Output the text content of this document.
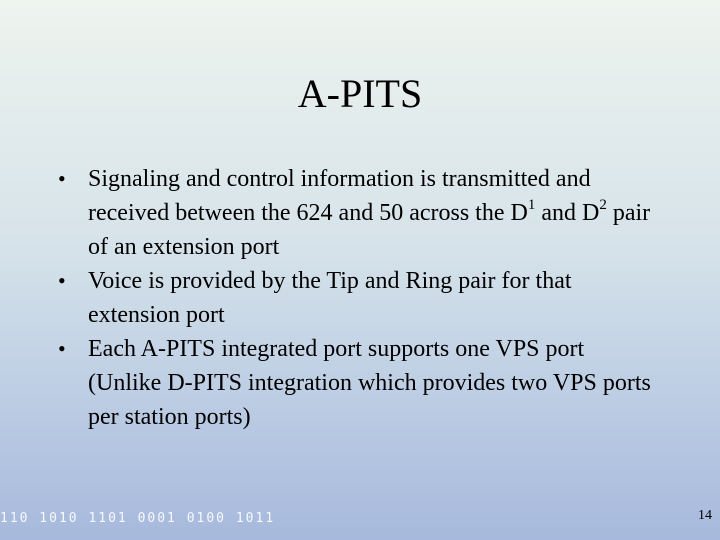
A-PITS
• Signaling and control information is transmitted and received between the 624 and 50 across the $D^1$ and $D^2$ pair of an extension port
• Voice is provided by the Tip and Ring pair for that extension port
• Each A-PITS integrated port supports one VPS port (Unlike D-PITS integration which provides two VPS ports per station ports)
110 1010 1101 0001 0100 1011	14
